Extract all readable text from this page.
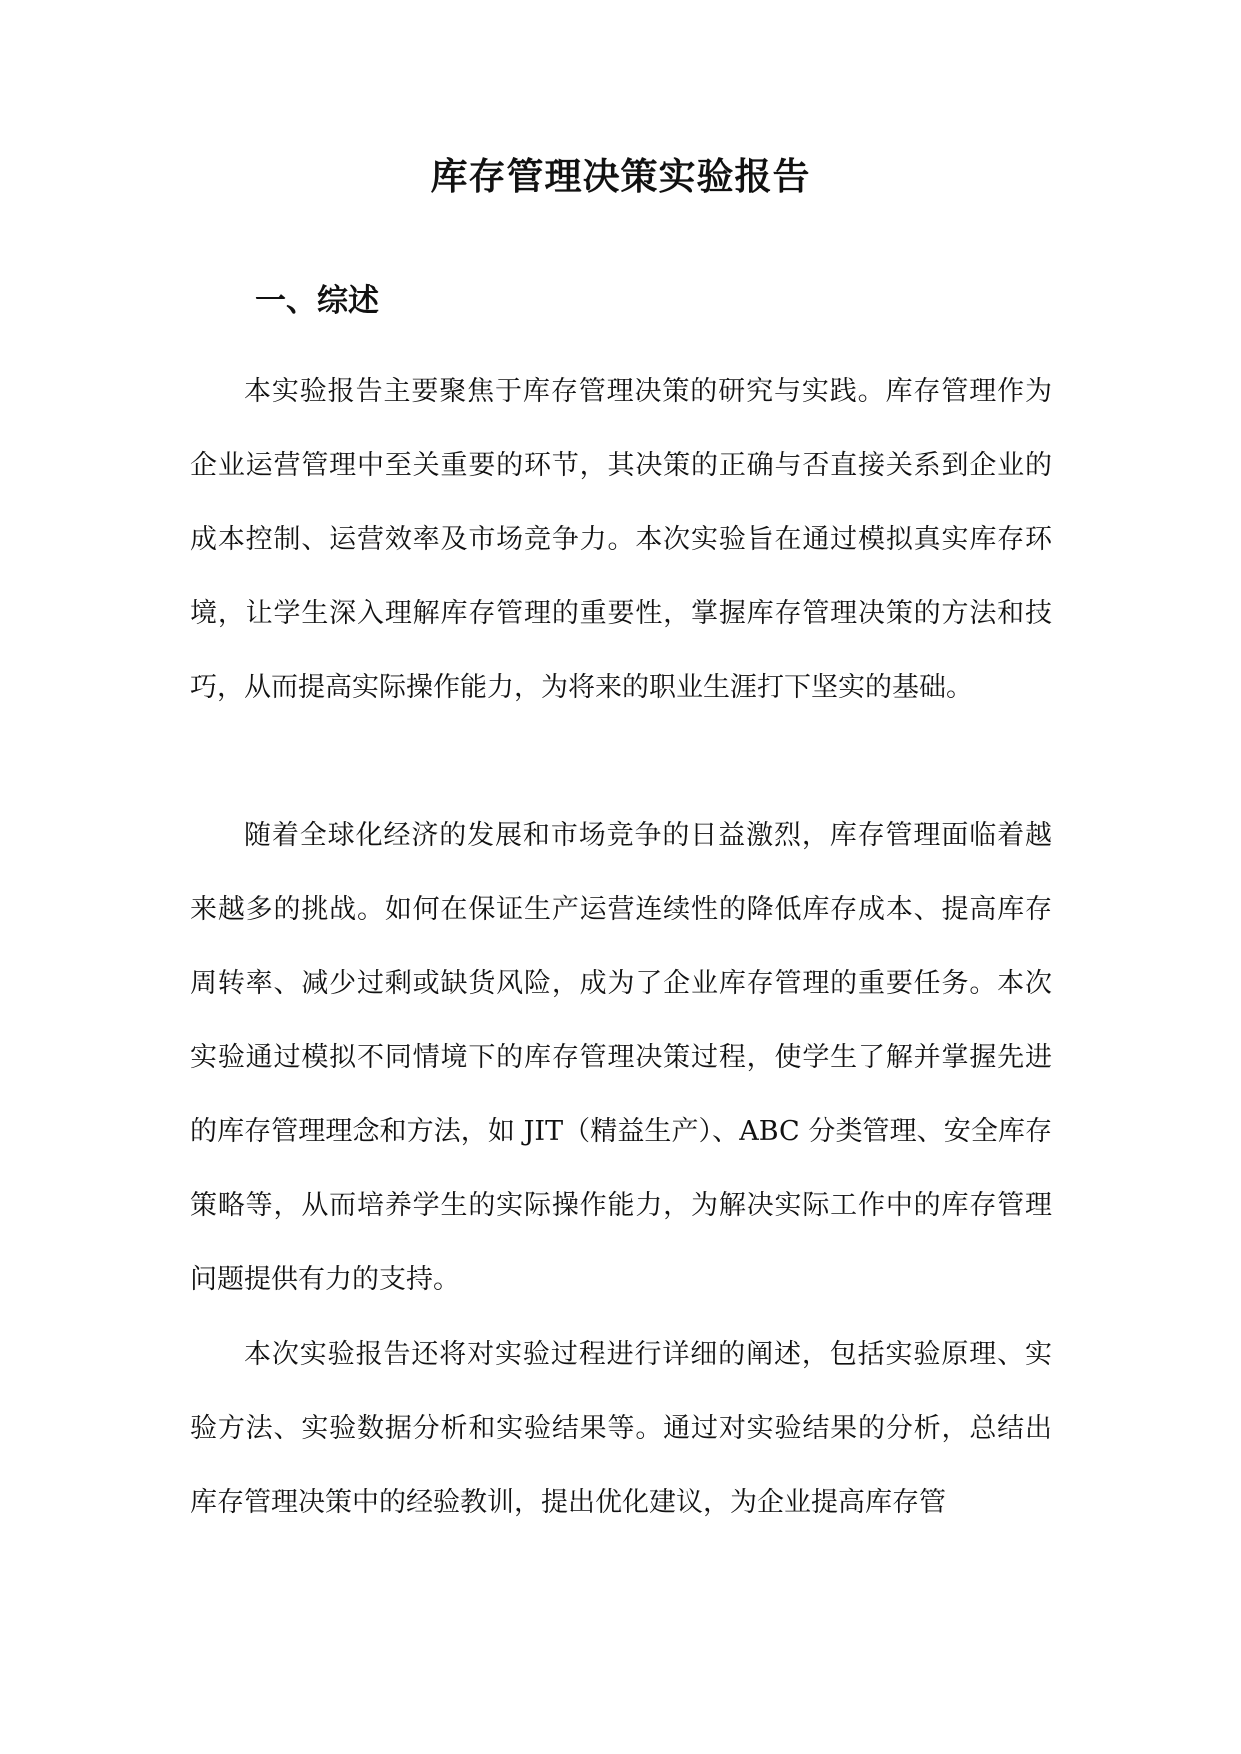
库存管理决策实验报告
一、综述

本实验报告主要聚焦于库存管理决策的研究与实践。库存管理作为企业运营管理中至关重要的环节，其决策的正确与否直接关系到企业的成本控制、运营效率及市场竞争力。本次实验旨在通过模拟真实库存环境，让学生深入理解库存管理的重要性，掌握库存管理决策的方法和技巧，从而提高实际操作能力，为将来的职业生涯打下坚实的基础。

随着全球化经济的发展和市场竞争的日益激烈，库存管理面临着越来越多的挑战。如何在保证生产运营连续性的降低库存成本、提高库存周转率、减少过剩或缺货风险，成为了企业库存管理的重要任务。本次实验通过模拟不同情境下的库存管理决策过程，使学生了解并掌握先进的库存管理理念和方法，如 JIT（精益生产）、ABC 分类管理、安全库存策略等，从而培养学生的实际操作能力，为解决实际工作中的库存管理问题提供有力的支持。

本次实验报告还将对实验过程进行详细的阐述，包括实验原理、实验方法、实验数据分析和实验结果等。通过对实验结果的分析，总结出库存管理决策中的经验教训，提出优化建议，为企业提高库存管
